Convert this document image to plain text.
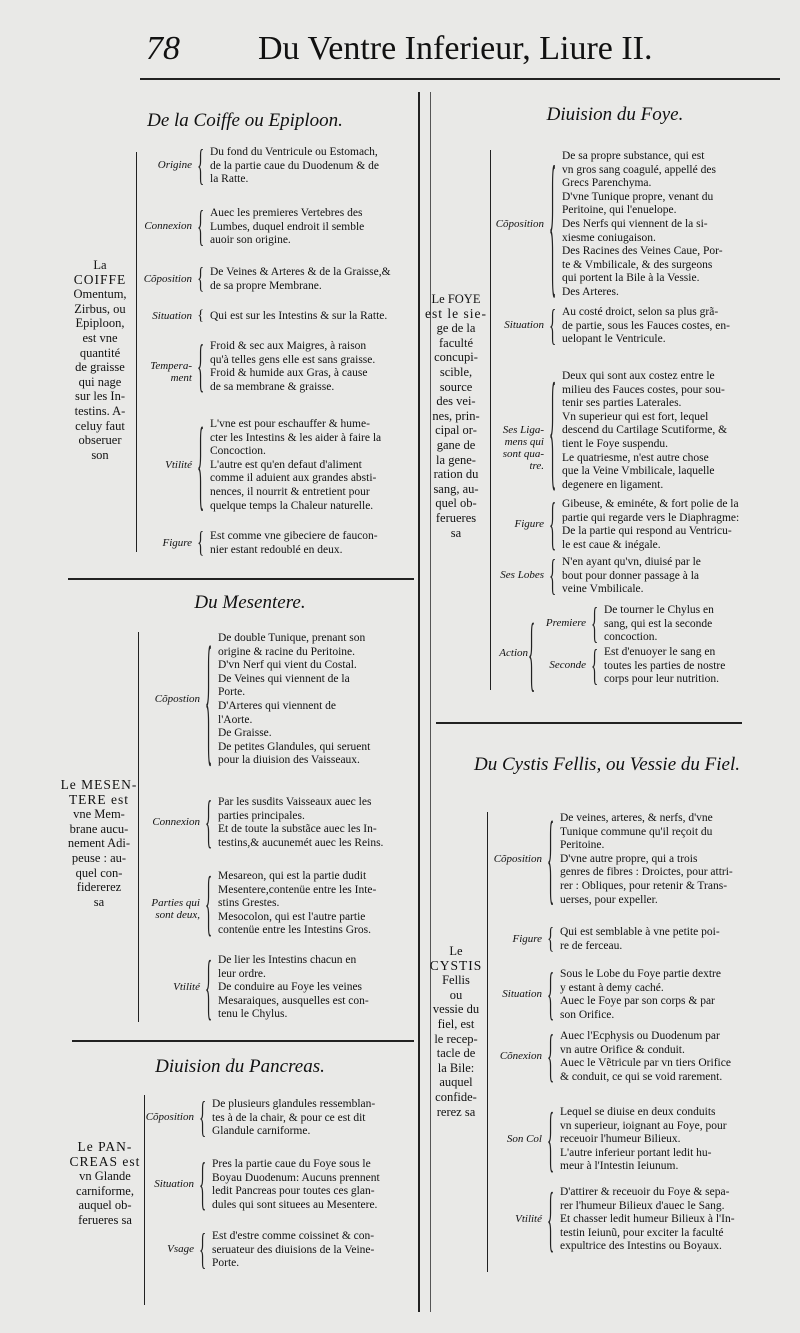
78 Du Ventre Inferieur, Liure II.
De la Coiffe ou Epiploon.
La
COIFFE
Omentum,
Zirbus, ou
Epiploon,
est vne
quantité
de graisse
qui nage
sur les In-
testins. A-
celuy faut
obseruer
son
Origine { Du fond du Ventricule ou Estomach,
de la partie caue du Duodenum & de
la Ratte.
Connexion { Auec les premieres Vertebres des
Lumbes, duquel endroit il semble
auoir son origine.
Cõposition { De Veines & Arteres & de la Graisse,&
de sa propre Membrane.
Situation { Qui est sur les Intestins & sur la Ratte.
Tempera-ment { Froid & sec aux Maigres, à raison
qu'à telles gens elle est sans graisse.
Froid & humide aux Gras, à cause
de sa membrane & graisse.
Vtilité { L'vne est pour eschauffer & hume-
cter les Intestins & les aider à faire la
Concoction.
L'autre est qu'en defaut d'aliment
comme il aduient aux grandes absti-
nences, il nourrit & entretient pour
quelque temps la Chaleur naturelle.
Figure { Est comme vne gibeciere de faucon-
nier estant redoublé en deux.
Du Mesentere.
Le MESEN-
TERE est
vne Mem-
brane aucu-
nement Adi-
peuse : au-
quel con-
fidererez
sa
Cõpostion { De double Tunique, prenant son
origine & racine du Peritoine.
D'vn Nerf qui vient du Costal.
De Veines qui viennent de la
Porte.
D'Arteres qui viennent de
l'Aorte.
De Graisse.
De petites Glandules, qui seruent
pour la diuision des Vaisseaux.
Connexion { Par les susdits Vaisseaux auec les
parties principales.
Et de toute la substãce auec les In-
testins,& aucunemét auec les Reins.
Parties qui sont deux, { Mesareon, qui est la partie dudit
Mesentere,contenüe entre les Inte-
stins Grestes.
Mesocolon, qui est l'autre partie
contenüe entre les Intestins Gros.
Vtilité { De lier les Intestins chacun en
leur ordre.
De conduire au Foye les veines
Mesaraiques, ausquelles est con-
tenu le Chylus.
Diuision du Pancreas.
Le PAN-
CREAS est
vn Glande
carniforme,
auquel ob-
ferueres sa
Cõposition { De plusieurs glandules ressemblan-
tes à de la chair, & pour ce est dit
Glandule carniforme.
Situation { Pres la partie caue du Foye sous le
Boyau Duodenum: Aucuns prennent
ledit Pancreas pour toutes ces glan-
dules qui sont situees au Mesentere.
Vsage { Est d'estre comme coissinet & con-
seruateur des diuisions de la Veine-
Porte.
Diuision du Foye.
Le FOYE
est le sie-
ge de la
faculté
concupi-
scible,
source
des vei-
nes, prin-
cipal or-
gane de
la gene-
ration du
sang, au-
quel ob-
ferueres
sa
Cõposition { De sa propre substance, qui est
vn gros sang coagulé, appellé des
Grecs Parenchyma.
D'vne Tunique propre, venant du
Peritoine, qui l'enuelope.
Des Nerfs qui viennent de la si-
xiesme coniugaison.
Des Racines des Veines Caue, Por-
te & Vmbilicale, & des surgeons
qui portent la Bile à la Vessie.
Des Arteres.
Situation { Au costé droict, selon sa plus grã-
de partie, sous les Fauces costes, en-
uelopant le Ventricule.
Ses Liga-mens qui sont qua-tre. { Deux qui sont aux costez entre le
milieu des Fauces costes, pour sou-
tenir ses parties Laterales.
Vn superieur qui est fort, lequel
descend du Cartilage Scutiforme, &
tient le Foye suspendu.
Le quatriesme, n'est autre chose
que la Veine Vmbilicale, laquelle
degenere en ligament.
Figure { Gibeuse, & eminéte, & fort polie de la
partie qui regarde vers le Diaphragme:
De la partie qui respond au Ventricu-
le est caue & inégale.
Ses Lobes { N'en ayant qu'vn, diuisé par le
bout pour donner passage à la
veine Vmbilicale.
Action { Premiere { De tourner le Chylus en
sang, qui est la seconde
concoction.
Seconde { Est d'enuoyer le sang en
toutes les parties de nostre
corps pour leur nutrition.
Du Cystis Fellis, ou Vessie du Fiel.
Le
CYSTIS
Fellis
ou
vessie du
fiel, est
le recep-
tacle de
la Bile:
auquel
confide-
rerez sa
Cõposition { De veines, arteres, & nerfs, d'vne
Tunique commune qu'il reçoit du
Peritoine.
D'vne autre propre, qui a trois
genres de fibres : Droictes, pour attri-
rer : Obliques, pour retenir & Trans-
uerses, pour expeller.
Figure { Qui est semblable à vne petite poi-
re de ferceau.
Situation { Sous le Lobe du Foye partie dextre
y estant à demy caché.
Auec le Foye par son corps & par
son Orifice.
Cõnexion { Auec l'Ecphysis ou Duodenum par
vn autre Orifice & conduit.
Auec le Vẽtricule par vn tiers Orifice
& conduit, ce qui se void rarement.
Son Col { Lequel se diuise en deux conduits
vn superieur, ioignant au Foye, pour
receuoir l'humeur Bilieux.
L'autre inferieur portant ledit hu-
meur à l'Intestin Ieiunum.
Vtilité { D'attirer & receuoir du Foye & sepa-
rer l'humeur Bilieux d'auec le Sang.
Et chasser ledit humeur Bilieux à l'In-
testin Ieiunũ, pour exciter la faculté
expultrice des Intestins ou Boyaux.
